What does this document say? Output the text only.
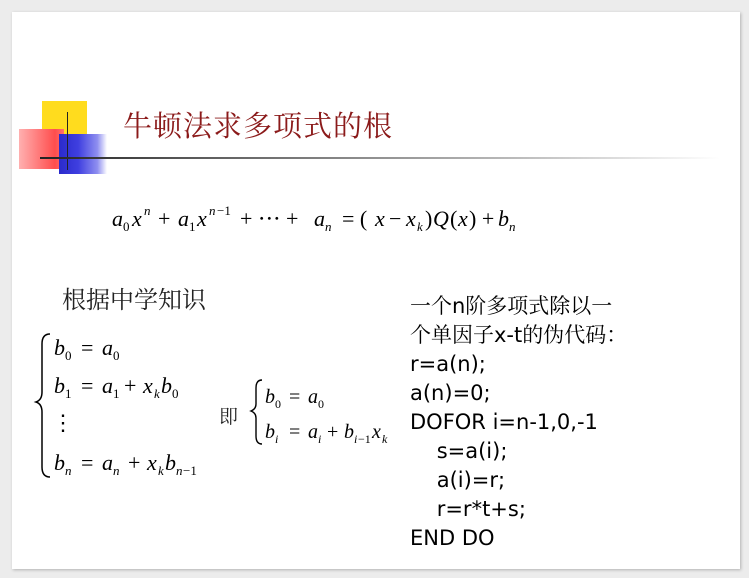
牛顿法求多项式的根
a 0 x n + a 1 x n −1 + ⋅⋅⋅ + a n = ( x − x k ) Q ( x ) + b n
b 0 = a 0
b 1 = a 1 + x k b 0
⋮
b n = a n + x k b n −1
b 0 = a 0
b i = a i + b i −1 x k
根据中学知识
即
一个n阶多项式除以一
个单因子x-t的伪代码：
r=a(n);
a(n)=0;
DOFOR i=n-1,0,-1
s=a(i);
a(i)=r;
r=r*t+s;
END DO
